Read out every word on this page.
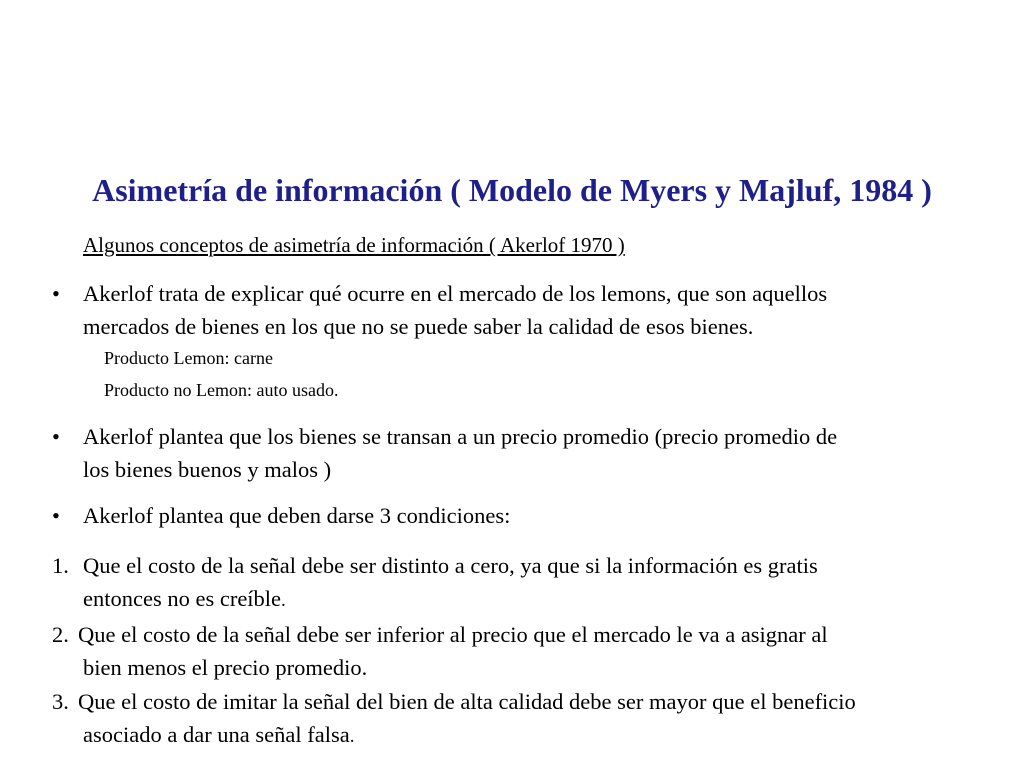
Asimetría de información ( Modelo de Myers y Majluf, 1984 )
Algunos conceptos de asimetría de información ( Akerlof 1970 )
• Akerlof trata de explicar qué ocurre en el mercado de los lemons, que son aquellos
mercados de bienes en los que no se puede saber la calidad de esos bienes.
Producto Lemon: carne
Producto no Lemon: auto usado.
• Akerlof plantea que los bienes se transan a un precio promedio (precio promedio de
los bienes buenos y malos )
• Akerlof plantea que deben darse 3 condiciones:
1. Que el costo de la señal debe ser distinto a cero, ya que si la información es gratis
entonces no es creíble.
2. Que el costo de la señal debe ser inferior al precio que el mercado le va a asignar al
bien menos el precio promedio.
3. Que el costo de imitar la señal del bien de alta calidad debe ser mayor que el beneficio
asociado a dar una señal falsa.
